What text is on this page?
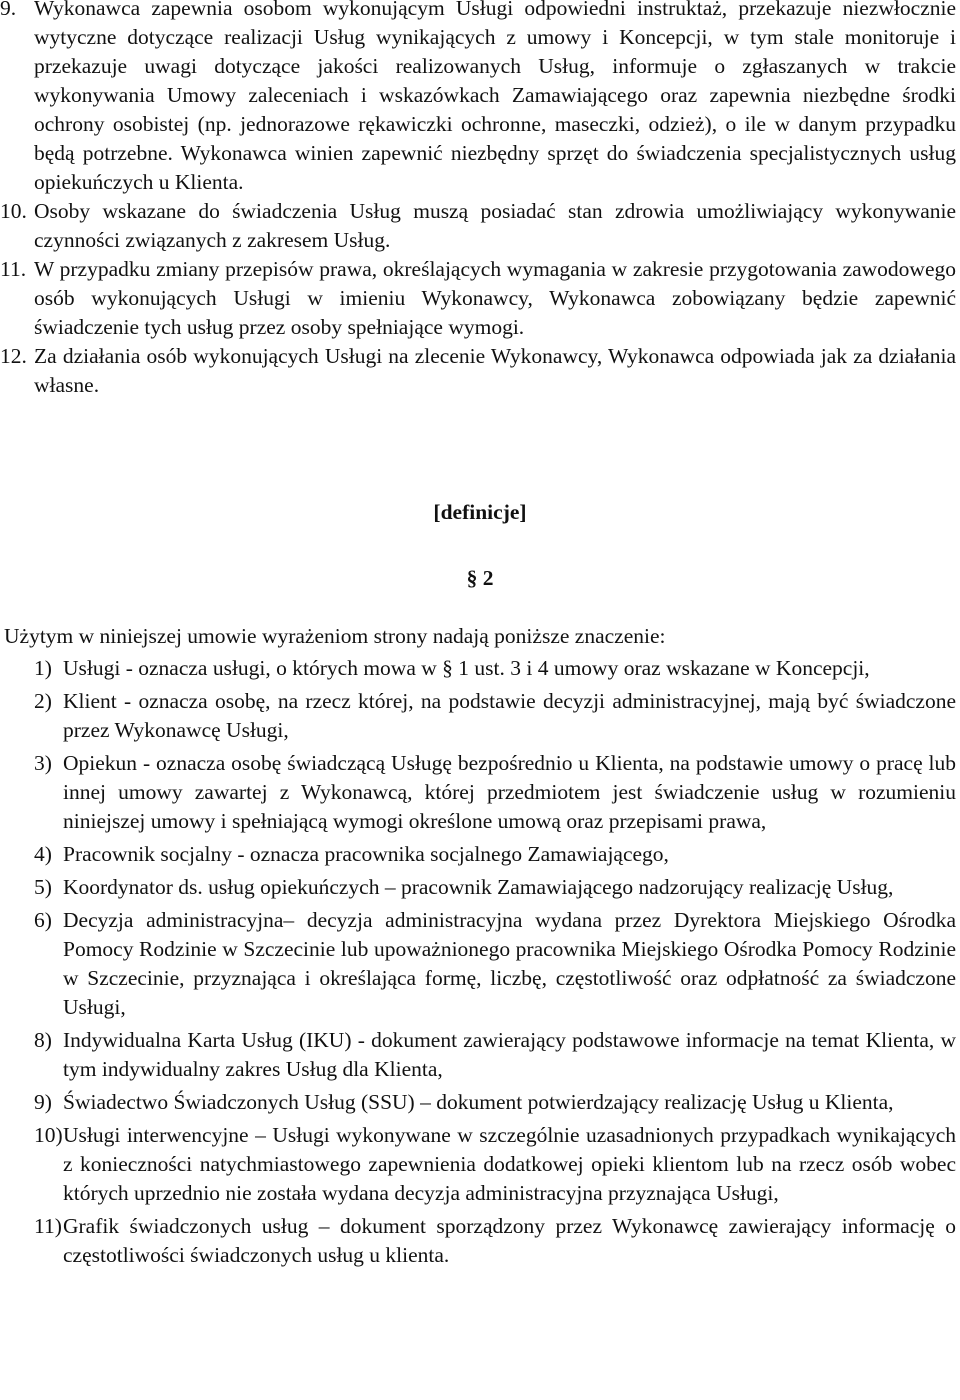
9. Wykonawca zapewnia osobom wykonującym Usługi odpowiedni instruktaż, przekazuje niezwłocznie wytyczne dotyczące realizacji Usług wynikających z umowy i Koncepcji, w tym stale monitoruje i przekazuje uwagi dotyczące jakości realizowanych Usług, informuje o zgłaszanych w trakcie wykonywania Umowy zaleceniach i wskazówkach Zamawiającego oraz zapewnia niezbędne środki ochrony osobistej (np. jednorazowe rękawiczki ochronne, maseczki, odzież), o ile w danym przypadku będą potrzebne. Wykonawca winien zapewnić niezbędny sprzęt do świadczenia specjalistycznych usług opiekuńczych u Klienta.
10. Osoby wskazane do świadczenia Usług muszą posiadać stan zdrowia umożliwiający wykonywanie czynności związanych z zakresem Usług.
11. W przypadku zmiany przepisów prawa, określających wymagania w zakresie przygotowania zawodowego osób wykonujących Usługi w imieniu Wykonawcy, Wykonawca zobowiązany będzie zapewnić świadczenie tych usług przez osoby spełniające wymogi.
12. Za działania osób wykonujących Usługi na zlecenie Wykonawcy, Wykonawca odpowiada jak za działania własne.
[definicje]
§ 2
Użytym w niniejszej umowie wyrażeniom strony nadają poniższe znaczenie:
1) Usługi - oznacza usługi, o których mowa w § 1 ust. 3 i 4 umowy oraz wskazane w Koncepcji,
2) Klient - oznacza osobę, na rzecz której, na podstawie decyzji administracyjnej, mają być świadczone przez Wykonawcę Usługi,
3) Opiekun - oznacza osobę świadczącą Usługę bezpośrednio u Klienta, na podstawie umowy o pracę lub innej umowy zawartej z Wykonawcą, której przedmiotem jest świadczenie usług w rozumieniu niniejszej umowy i spełniającą wymogi określone umową oraz przepisami prawa,
4) Pracownik socjalny - oznacza pracownika socjalnego Zamawiającego,
5) Koordynator ds. usług opiekuńczych – pracownik Zamawiającego nadzorujący realizację Usług,
6) Decyzja administracyjna– decyzja administracyjna wydana przez Dyrektora Miejskiego Ośrodka Pomocy Rodzinie w Szczecinie lub upoważnionego pracownika Miejskiego Ośrodka Pomocy Rodzinie w Szczecinie, przyznająca i określająca formę, liczbę, częstotliwość oraz odpłatność za świadczone Usługi,
8) Indywidualna Karta Usług (IKU) - dokument zawierający podstawowe informacje na temat Klienta, w tym indywidualny zakres Usług dla Klienta,
9) Świadectwo Świadczonych Usług (SSU) – dokument potwierdzający realizację Usług u Klienta,
10) Usługi interwencyjne – Usługi wykonywane w szczególnie uzasadnionych przypadkach wynikających z konieczności natychmiastowego zapewnienia dodatkowej opieki klientom lub na rzecz osób wobec których uprzednio nie została wydana decyzja administracyjna przyznająca Usługi,
11) Grafik świadczonych usług – dokument sporządzony przez Wykonawcę zawierający informację o częstotliwości świadczonych usług u klienta.
